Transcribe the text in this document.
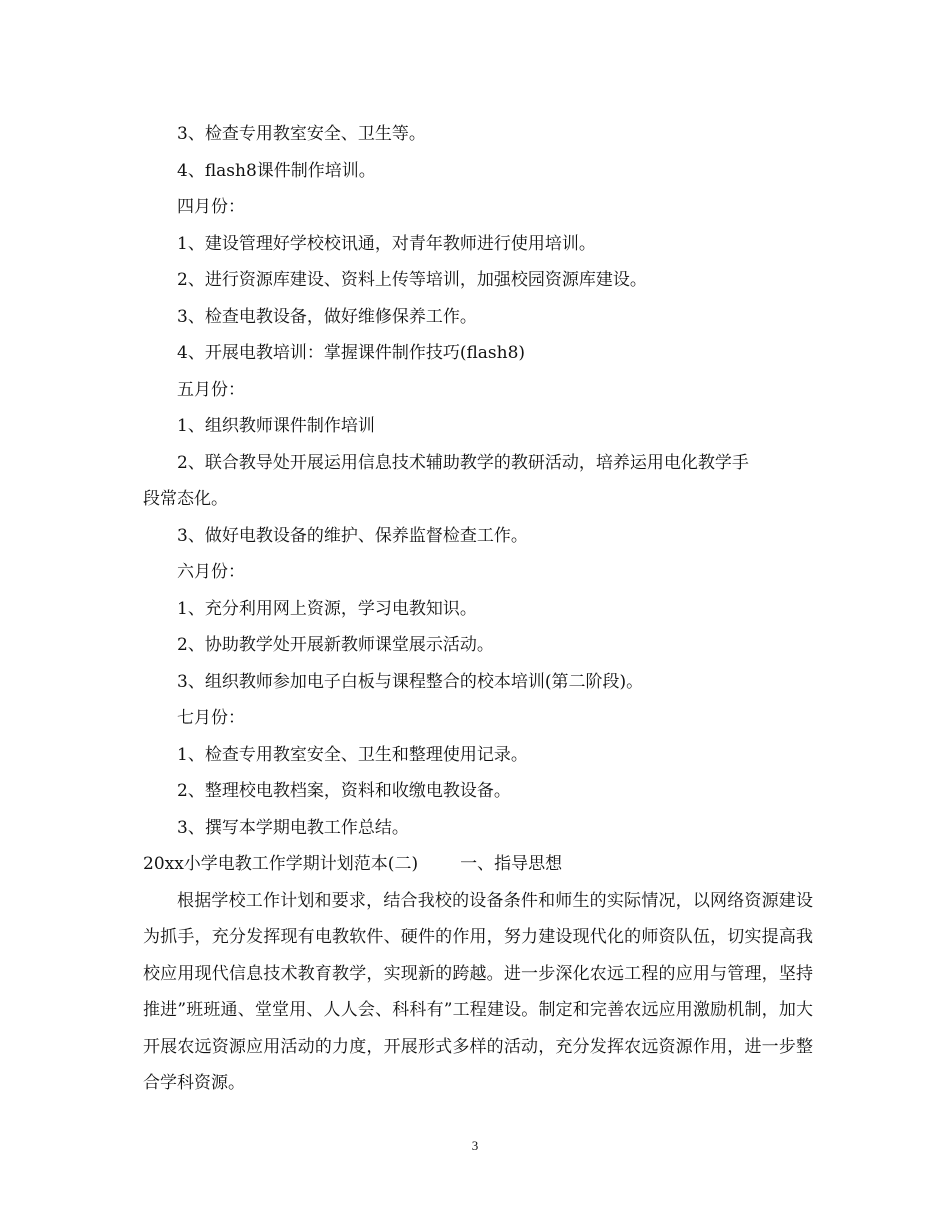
3、检查专用教室安全、卫生等。
4、flash8课件制作培训。
四月份：
1、建设管理好学校校讯通，对青年教师进行使用培训。
2、进行资源库建设、资料上传等培训，加强校园资源库建设。
3、检查电教设备，做好维修保养工作。
4、开展电教培训：掌握课件制作技巧(flash8)
五月份：
1、组织教师课件制作培训
2、联合教导处开展运用信息技术辅助教学的教研活动，培养运用电化教学手
段常态化。
3、做好电教设备的维护、保养监督检查工作。
六月份：
1、充分利用网上资源，学习电教知识。
2、协助教学处开展新教师课堂展示活动。
3、组织教师参加电子白板与课程整合的校本培训(第二阶段)。
七月份：
1、检查专用教室安全、卫生和整理使用记录。
2、整理校电教档案，资料和收缴电教设备。
3、撰写本学期电教工作总结。
20xx小学电教工作学期计划范本(二) 一、指导思想
根据学校工作计划和要求，结合我校的设备条件和师生的实际情况，以网络资源建设为抓手，充分发挥现有电教软件、硬件的作用，努力建设现代化的师资队伍，切实提高我校应用现代信息技术教育教学，实现新的跨越。进一步深化农远工程的应用与管理，坚持推进”班班通、堂堂用、人人会、科科有”工程建设。制定和完善农远应用激励机制，加大开展农远资源应用活动的力度，开展形式多样的活动，充分发挥农远资源作用，进一步整合学科资源。
3
